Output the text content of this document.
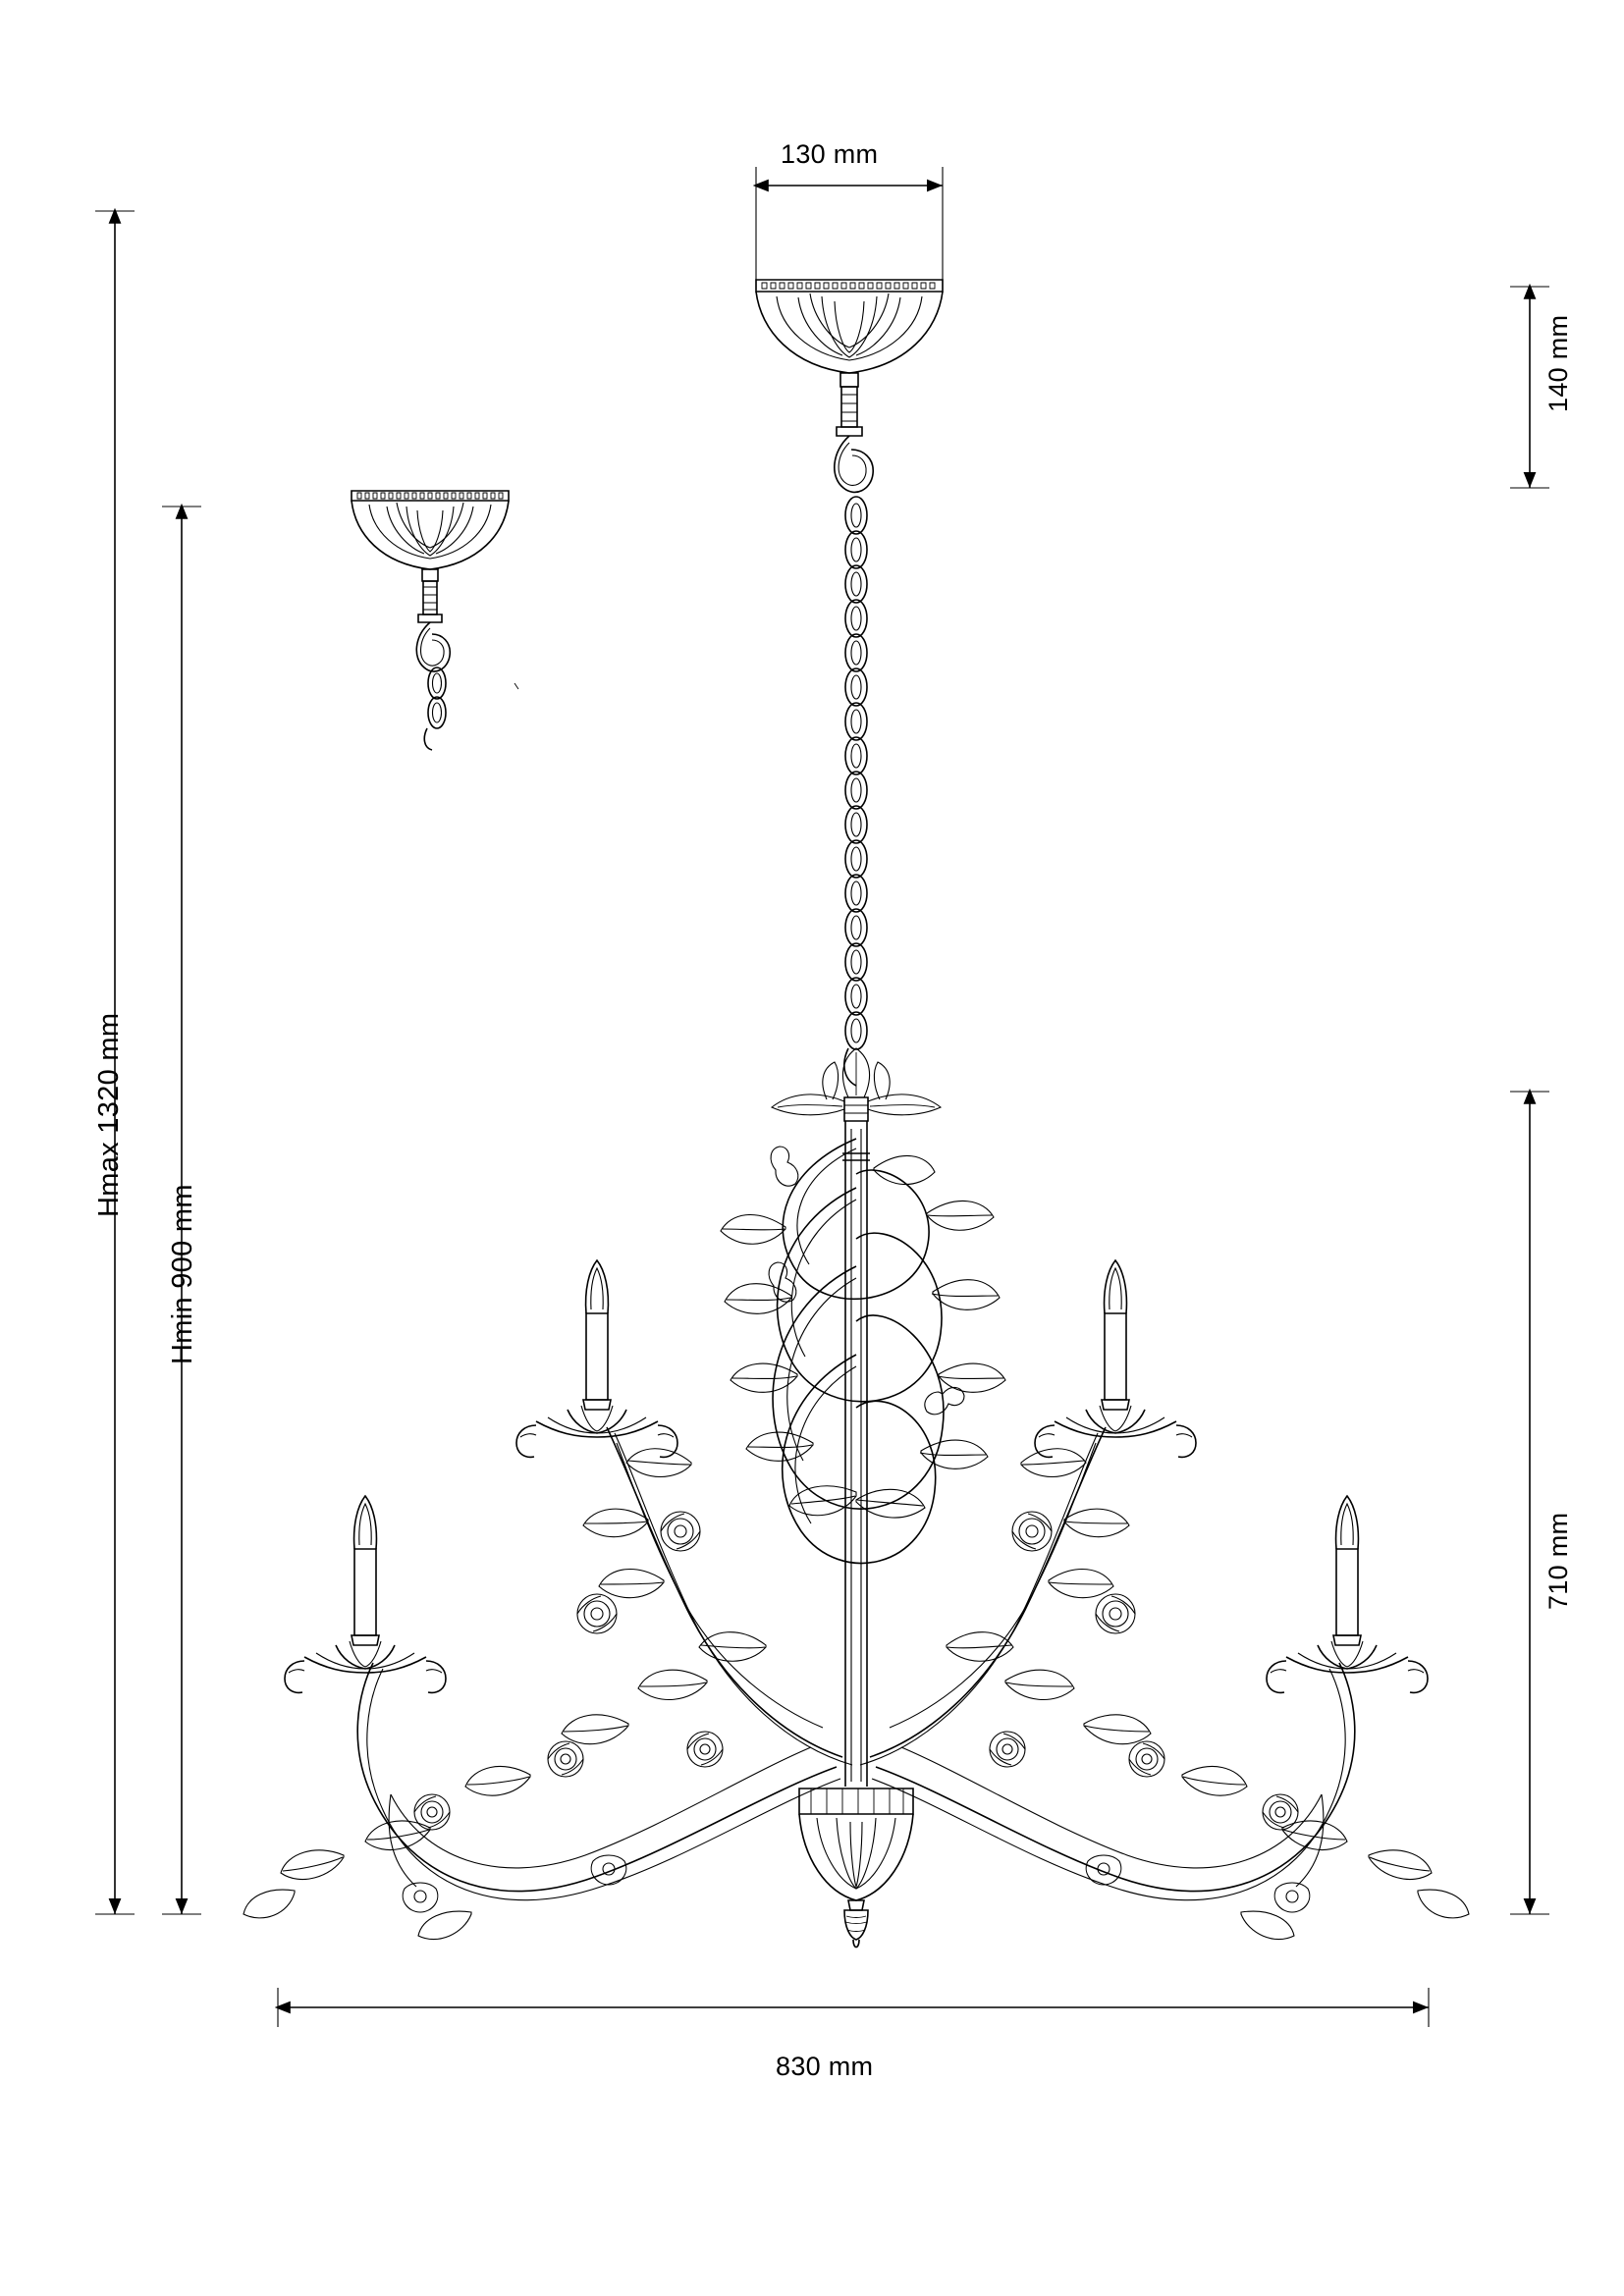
130 mm
140 mm
710 mm
Hmax 1320 mm
Hmin 900 mm
830 mm
